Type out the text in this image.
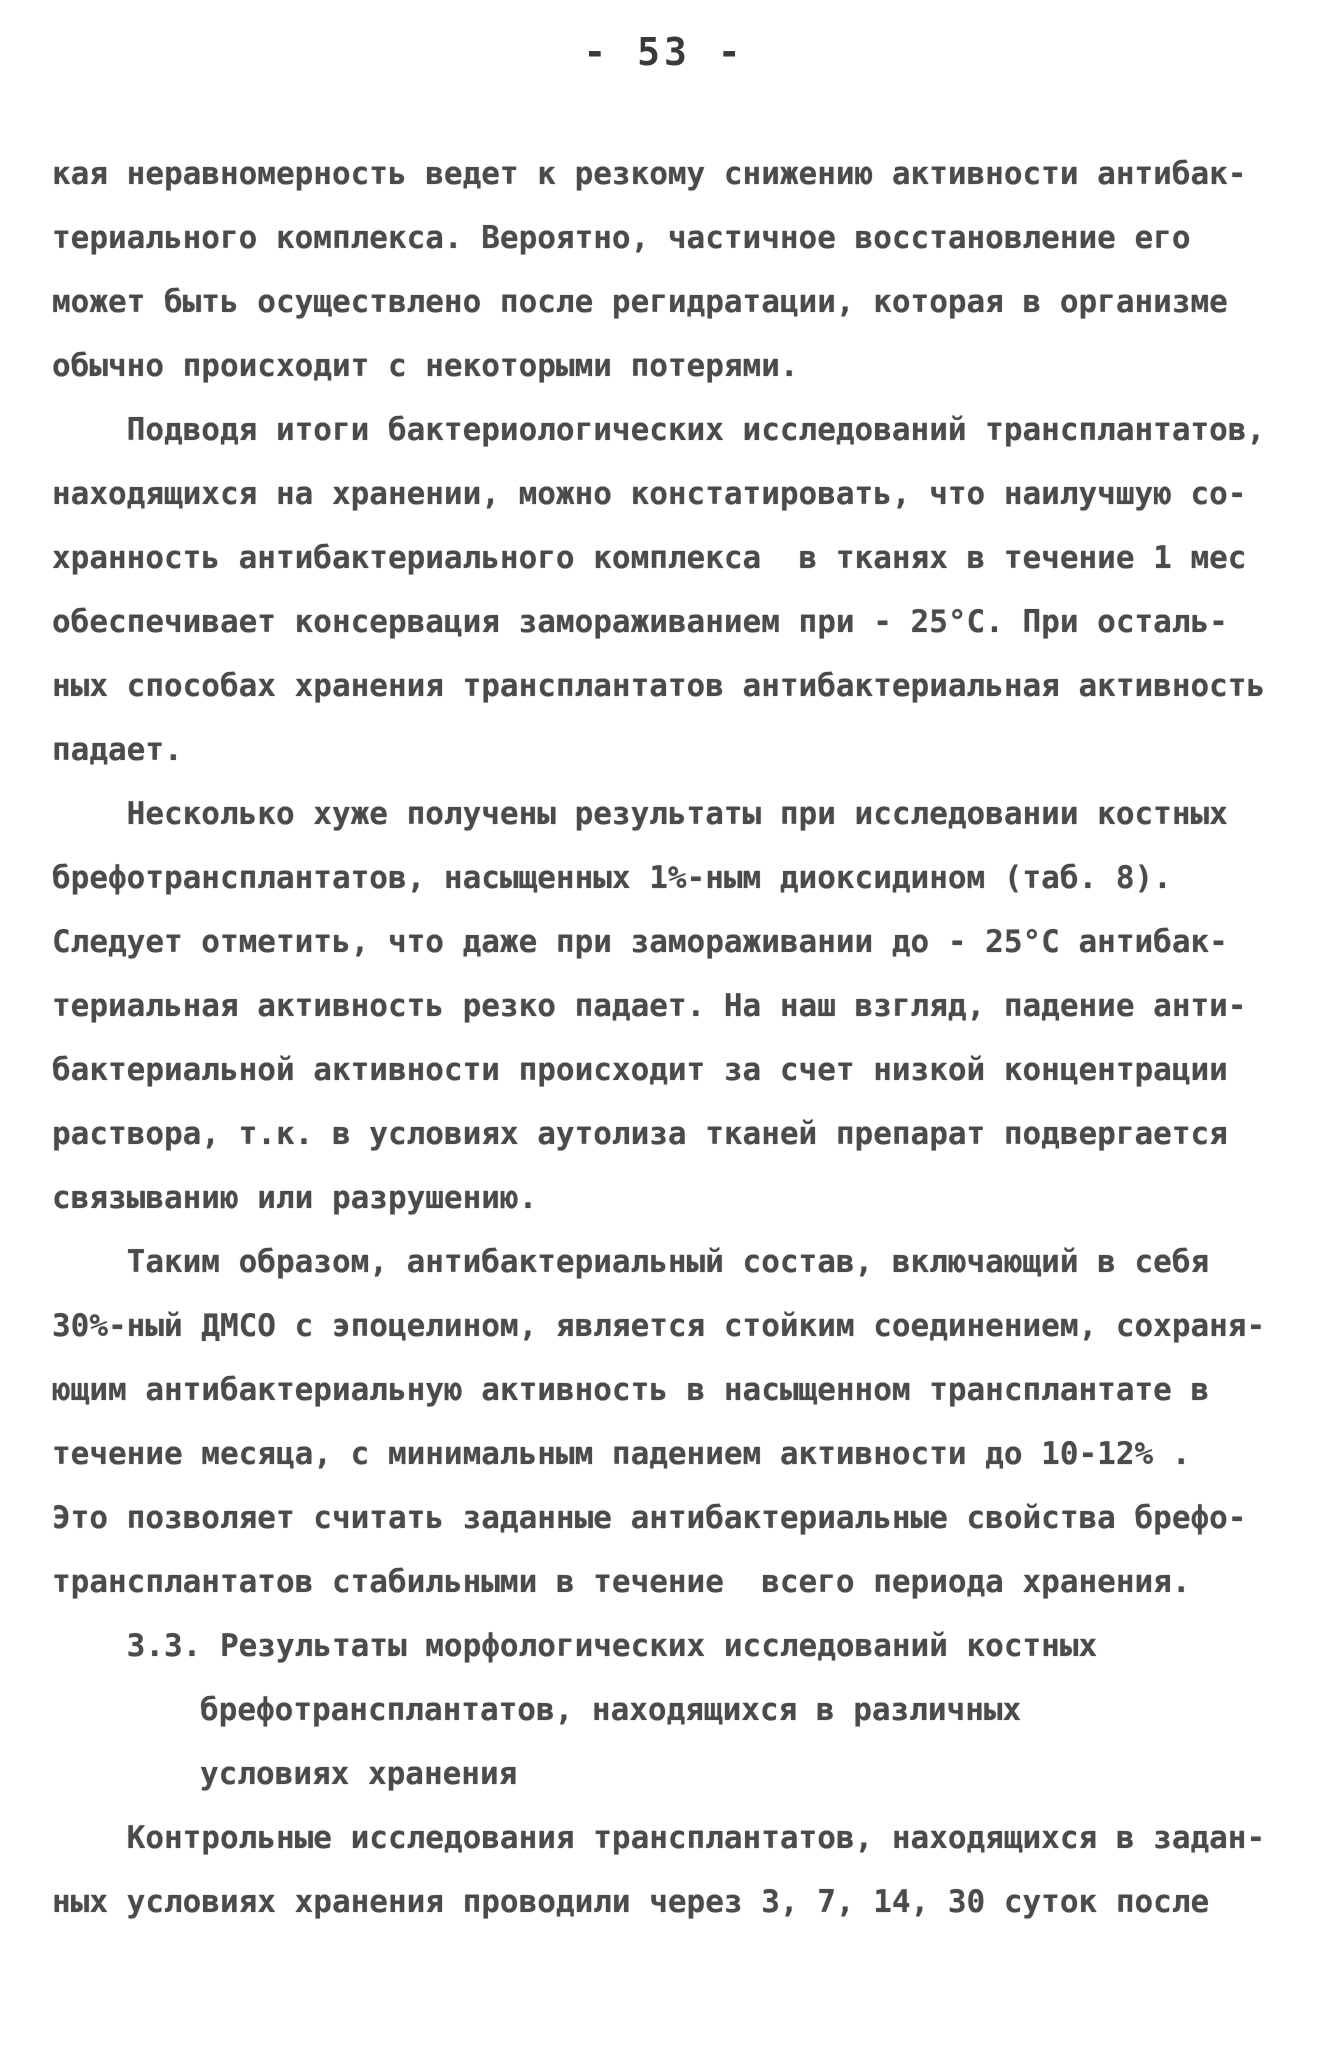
- 53 -
кая неравномерность ведет к резкому снижению активности антибак-
териального комплекса. Вероятно, частичное восстановление его
может быть осуществлено после регидратации, которая в организме
обычно происходит с некоторыми потерями.
Подводя итоги бактериологических исследований трансплантатов,
находящихся на хранении, можно констатировать, что наилучшую со-
хранность антибактериального комплекса  в тканях в течение 1 мес
обеспечивает консервация замораживанием при - 25°С. При осталь-
ных способах хранения трансплантатов антибактериальная активность
падает.
Несколько хуже получены результаты при исследовании костных
брефотрансплантатов, насыщенных 1%-ным диоксидином (таб. 8).
Следует отметить, что даже при замораживании до - 25°С антибак-
териальная активность резко падает. На наш взгляд, падение анти-
бактериальной активности происходит за счет низкой концентрации
раствора, т.к. в условиях аутолиза тканей препарат подвергается
связыванию или разрушению.
Таким образом, антибактериальный состав, включающий в себя
30%-ный ДМСО с эпоцелином, является стойким соединением, сохраня-
ющим антибактериальную активность в насыщенном трансплантате в
течение месяца, с минимальным падением активности до 10-12% .
Это позволяет считать заданные антибактериальные свойства брефо-
трансплантатов стабильными в течение  всего периода хранения.
3.3. Результаты морфологических исследований костных
брефотрансплантатов, находящихся в различных
условиях хранения
Контрольные исследования трансплантатов, находящихся в задан-
ных условиях хранения проводили через 3, 7, 14, 30 суток после
